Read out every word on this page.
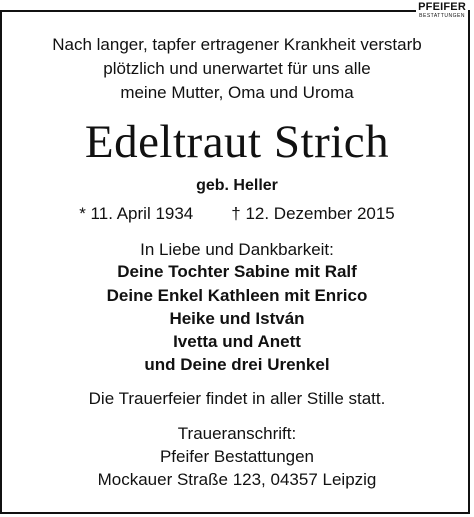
PFEIFER
BESTATTUNGEN
Nach langer, tapfer ertragener Krankheit verstarb
plötzlich und unerwartet für uns alle
meine Mutter, Oma und Uroma
Edeltraut Strich
geb. Heller
* 11. April 1934 † 12. Dezember 2015
In Liebe und Dankbarkeit:
Deine Tochter Sabine mit Ralf
Deine Enkel Kathleen mit Enrico
Heike und István
Ivetta und Anett
und Deine drei Urenkel
Die Trauerfeier findet in aller Stille statt.
Traueranschrift:
Pfeifer Bestattungen
Mockauer Straße 123, 04357 Leipzig
